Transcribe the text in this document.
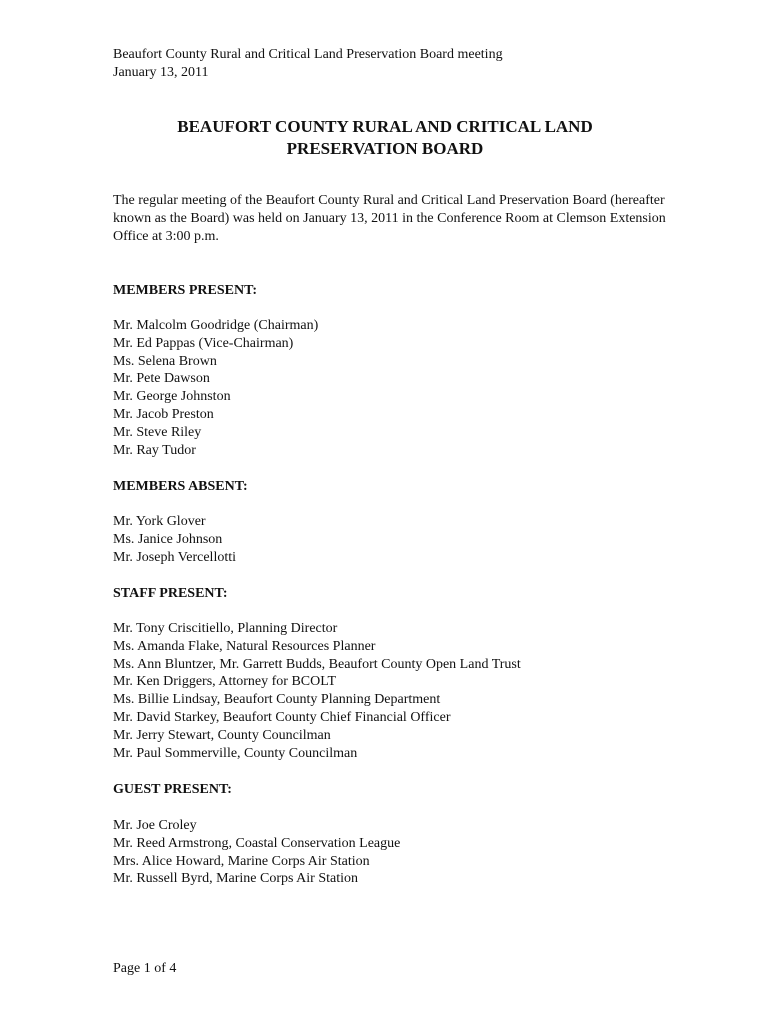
Beaufort County Rural and Critical Land Preservation Board meeting
January 13, 2011
BEAUFORT COUNTY RURAL AND CRITICAL LAND
PRESERVATION BOARD
The regular meeting of the Beaufort County Rural and Critical Land Preservation Board (hereafter known as the Board) was held on January 13, 2011 in the Conference Room at Clemson Extension Office at 3:00 p.m.
MEMBERS PRESENT:
Mr. Malcolm Goodridge (Chairman)
Mr. Ed Pappas (Vice-Chairman)
Ms. Selena Brown
Mr. Pete Dawson
Mr. George Johnston
Mr. Jacob Preston
Mr. Steve Riley
Mr. Ray Tudor
MEMBERS ABSENT:
Mr. York Glover
Ms. Janice Johnson
Mr. Joseph Vercellotti
STAFF PRESENT:
Mr. Tony Criscitiello, Planning Director
Ms. Amanda Flake, Natural Resources Planner
Ms. Ann Bluntzer, Mr. Garrett Budds, Beaufort County Open Land Trust
Mr. Ken Driggers, Attorney for BCOLT
Ms. Billie Lindsay, Beaufort County Planning Department
Mr. David Starkey, Beaufort County Chief Financial Officer
Mr. Jerry Stewart, County Councilman
Mr. Paul Sommerville, County Councilman
GUEST PRESENT:
Mr. Joe Croley
Mr. Reed Armstrong, Coastal Conservation League
Mrs. Alice Howard, Marine Corps Air Station
Mr. Russell Byrd, Marine Corps Air Station
Page 1 of 4
